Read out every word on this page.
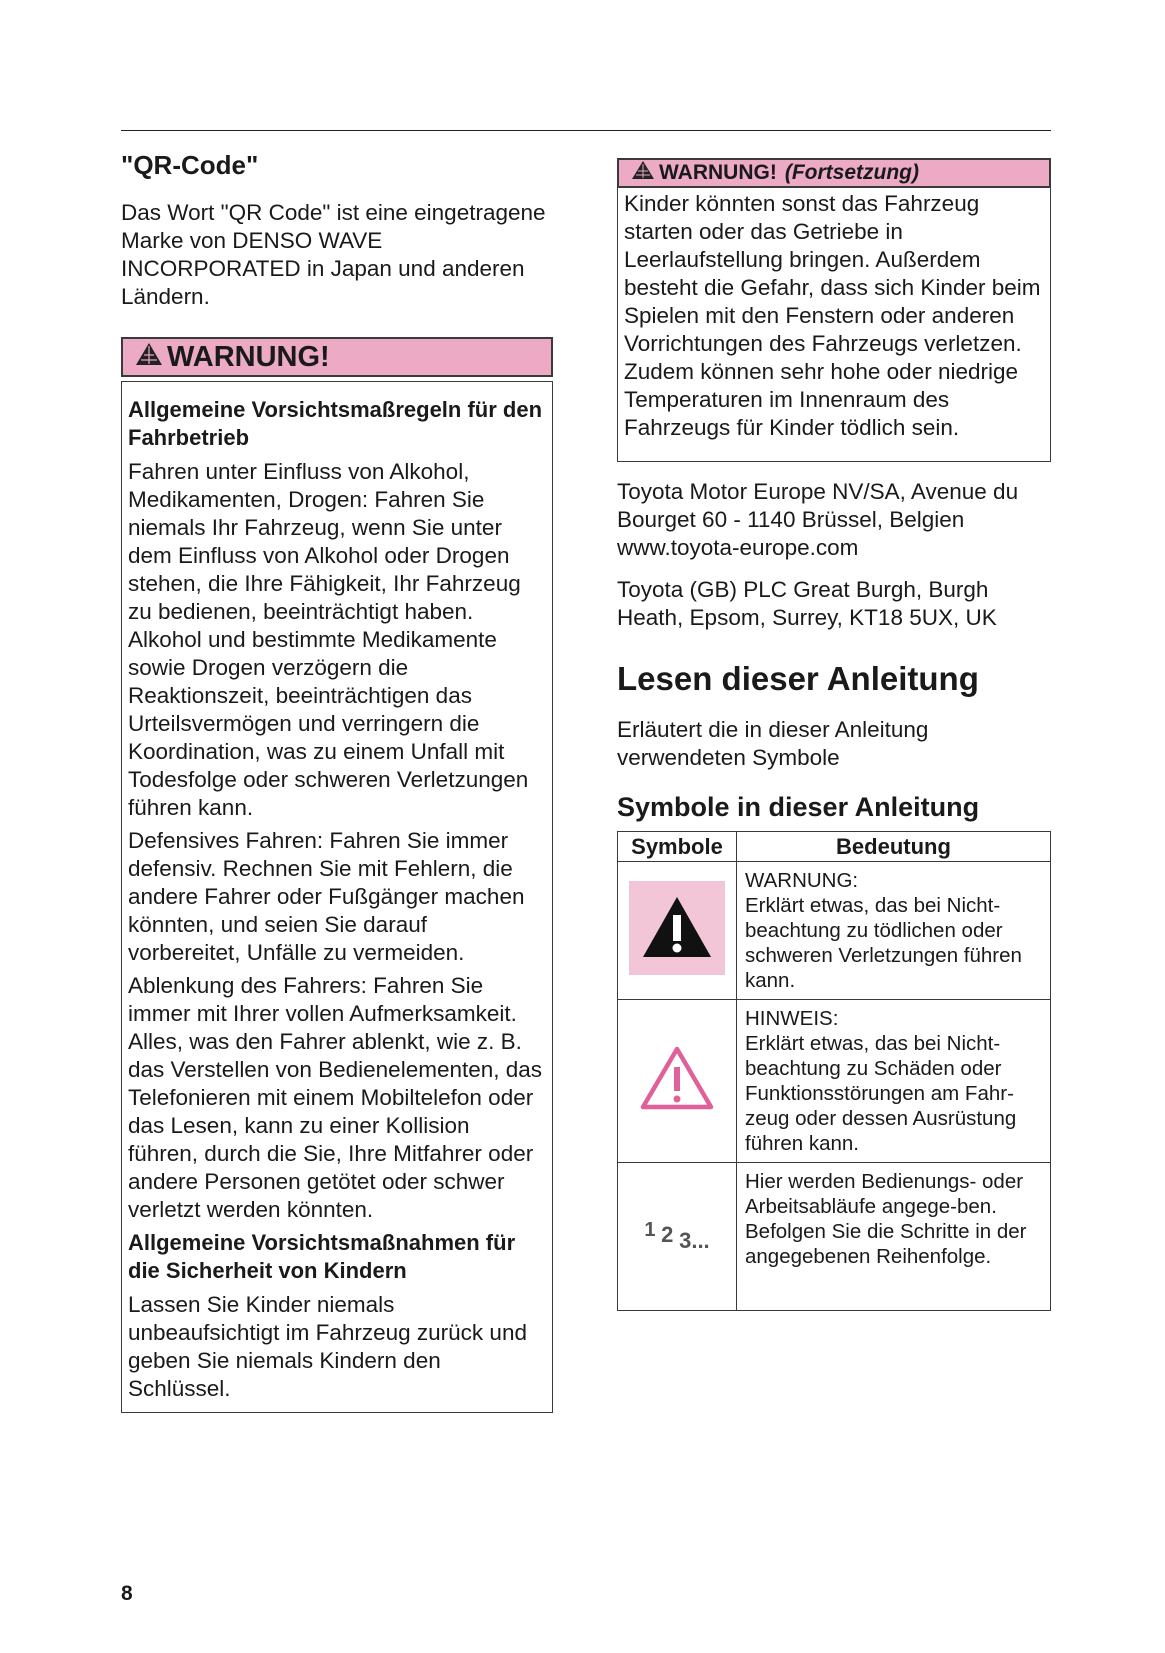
"QR-Code"

Das Wort "QR Code" ist eine eingetragene Marke von DENSO WAVE INCORPORATED in Japan und anderen Ländern.

WARNUNG!

Allgemeine Vorsichtsmaßregeln für den Fahrbetrieb

Fahren unter Einfluss von Alkohol, Medikamenten, Drogen: Fahren Sie niemals Ihr Fahrzeug, wenn Sie unter dem Einfluss von Alkohol oder Drogen stehen, die Ihre Fähigkeit, Ihr Fahrzeug zu bedienen, beeinträchtigt haben. Alkohol und bestimmte Medikamente sowie Drogen verzögern die Reaktionszeit, beeinträchtigen das Urteilsvermögen und verringern die Koordination, was zu einem Unfall mit Todesfolge oder schweren Verletzungen führen kann.

Defensives Fahren: Fahren Sie immer defensiv. Rechnen Sie mit Fehlern, die andere Fahrer oder Fußgänger machen könnten, und seien Sie darauf vorbereitet, Unfälle zu vermeiden.

Ablenkung des Fahrers: Fahren Sie immer mit Ihrer vollen Aufmerksamkeit. Alles, was den Fahrer ablenkt, wie z. B. das Verstellen von Bedienelementen, das Telefonieren mit einem Mobiltelefon oder das Lesen, kann zu einer Kollision führen, durch die Sie, Ihre Mitfahrer oder andere Personen getötet oder schwer verletzt werden könnten.

Allgemeine Vorsichtsmaßnahmen für die Sicherheit von Kindern

Lassen Sie Kinder niemals unbeaufsichtigt im Fahrzeug zurück und geben Sie niemals Kindern den Schlüssel.

WARNUNG! (Fortsetzung)

Kinder könnten sonst das Fahrzeug starten oder das Getriebe in Leerlaufstellung bringen. Außerdem besteht die Gefahr, dass sich Kinder beim Spielen mit den Fenstern oder anderen Vorrichtungen des Fahrzeugs verletzen. Zudem können sehr hohe oder niedrige Temperaturen im Innenraum des Fahrzeugs für Kinder tödlich sein.

Toyota Motor Europe NV/SA, Avenue du Bourget 60 - 1140 Brüssel, Belgien www.toyota-europe.com

Toyota (GB) PLC Great Burgh, Burgh Heath, Epsom, Surrey, KT18 5UX, UK

Lesen dieser Anleitung

Erläutert die in dieser Anleitung verwendeten Symbole

Symbole in dieser Anleitung
Symbole	Bedeutung

WARNUNG:
Erklärt etwas, das bei Nicht-beachtung zu tödlichen oder schweren Verletzungen führen kann.

HINWEIS:
Erklärt etwas, das bei Nicht-beachtung zu Schäden oder Funktionsstörungen am Fahr-zeug oder dessen Ausrüstung führen kann.

1 2 3...	Hier werden Bedienungs- oder Arbeitsabläufe angege-ben. Befolgen Sie die Schritte in der angegebenen Reihenfolge.
8
